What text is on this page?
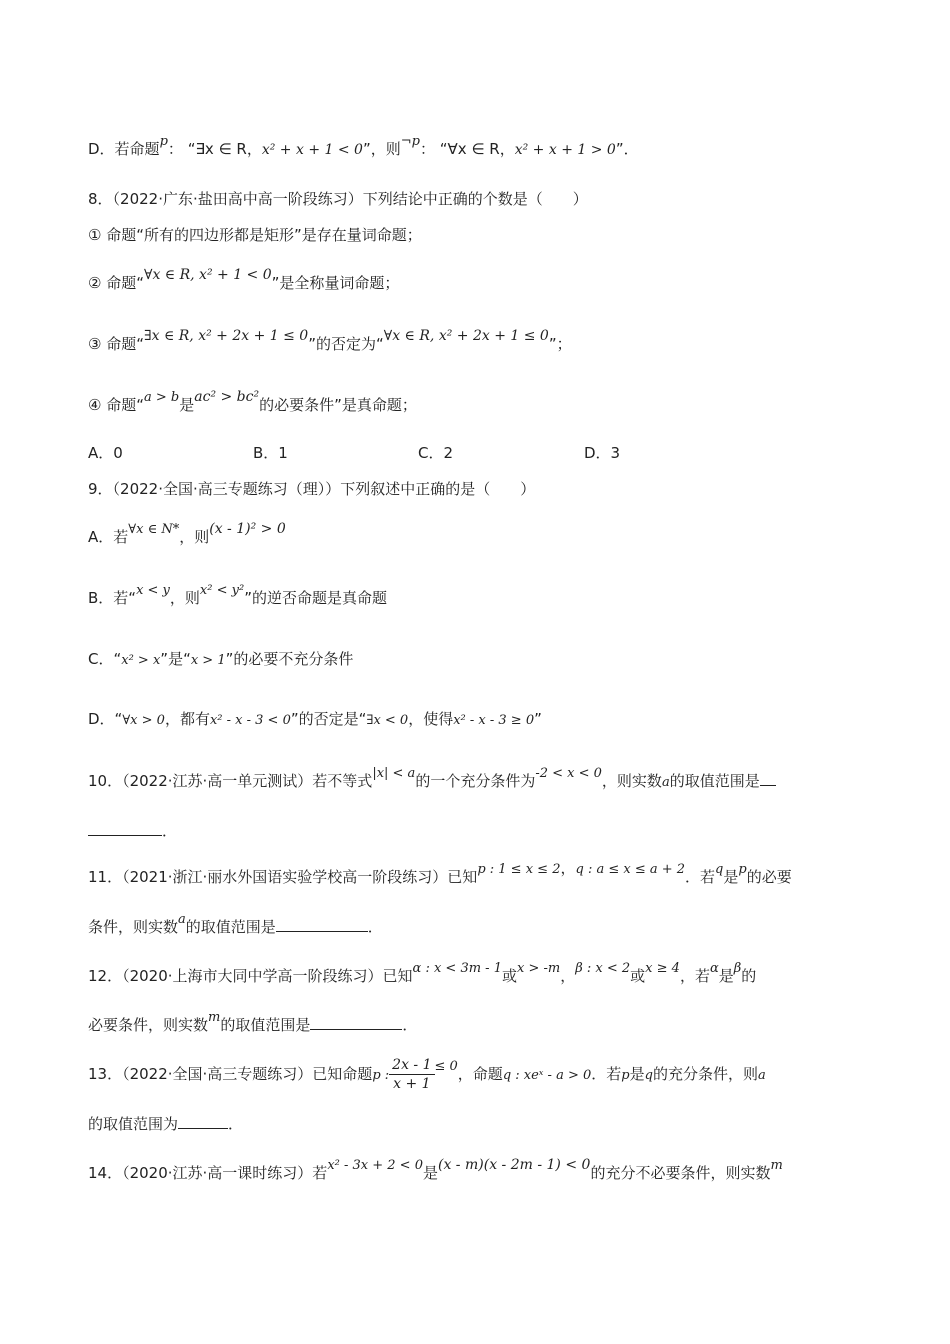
D．若命题p： “∃x ∈ R，x² + x + 1 < 0”，则¬p： “∀x ∈ R，x² + x + 1 > 0”．
8．（2022·广东·盐田高中高一阶段练习）下列结论中正确的个数是（　　）
① 命题“所有的四边形都是矩形”是存在量词命题；
② 命题“∀x ∈ R, x² + 1 < 0”是全称量词命题；
③ 命题“∃x ∈ R, x² + 2x + 1 ≤ 0”的否定为“∀x ∈ R, x² + 2x + 1 ≤ 0”；
④ 命题“a > b是ac² > bc²的必要条件”是真命题；
A．0	B．1	C．2	D．3
9．（2022·全国·高三专题练习（理））下列叙述中正确的是（　　）
A．若∀x ∈ N*，则(x - 1)² > 0
B．若“x < y，则x² < y²”的逆否命题是真命题
C．“x² > x”是“x > 1”的必要不充分条件
D．“∀x > 0，都有x² - x - 3 < 0”的否定是“∃x < 0，使得x² - x - 3 ≥ 0”
10．（2022·江苏·高一单元测试）若不等式|x| < a的一个充分条件为-2 < x < 0，则实数a的取值范围是
．
11．（2021·浙江·丽水外国语实验学校高一阶段练习）已知p : 1 ≤ x ≤ 2，q : a ≤ x ≤ a + 2．若q是p的必要
条件，则实数a的取值范围是	．
12．（2020·上海市大同中学高一阶段练习）已知α : x < 3m - 1或x > -m，β : x < 2或x ≥ 4，若α是β的
必要条件，则实数m的取值范围是	．
13．（2022·全国·高三专题练习）已知命题p : $\frac{2x - 1}{x + 1} \le 0$，命题q : xeˣ - a > 0．若p是q的充分条件，则a
的取值范围为	．
14．（2020·江苏·高一课时练习）若x² - 3x + 2 < 0是(x - m)(x - 2m - 1) < 0的充分不必要条件，则实数m
